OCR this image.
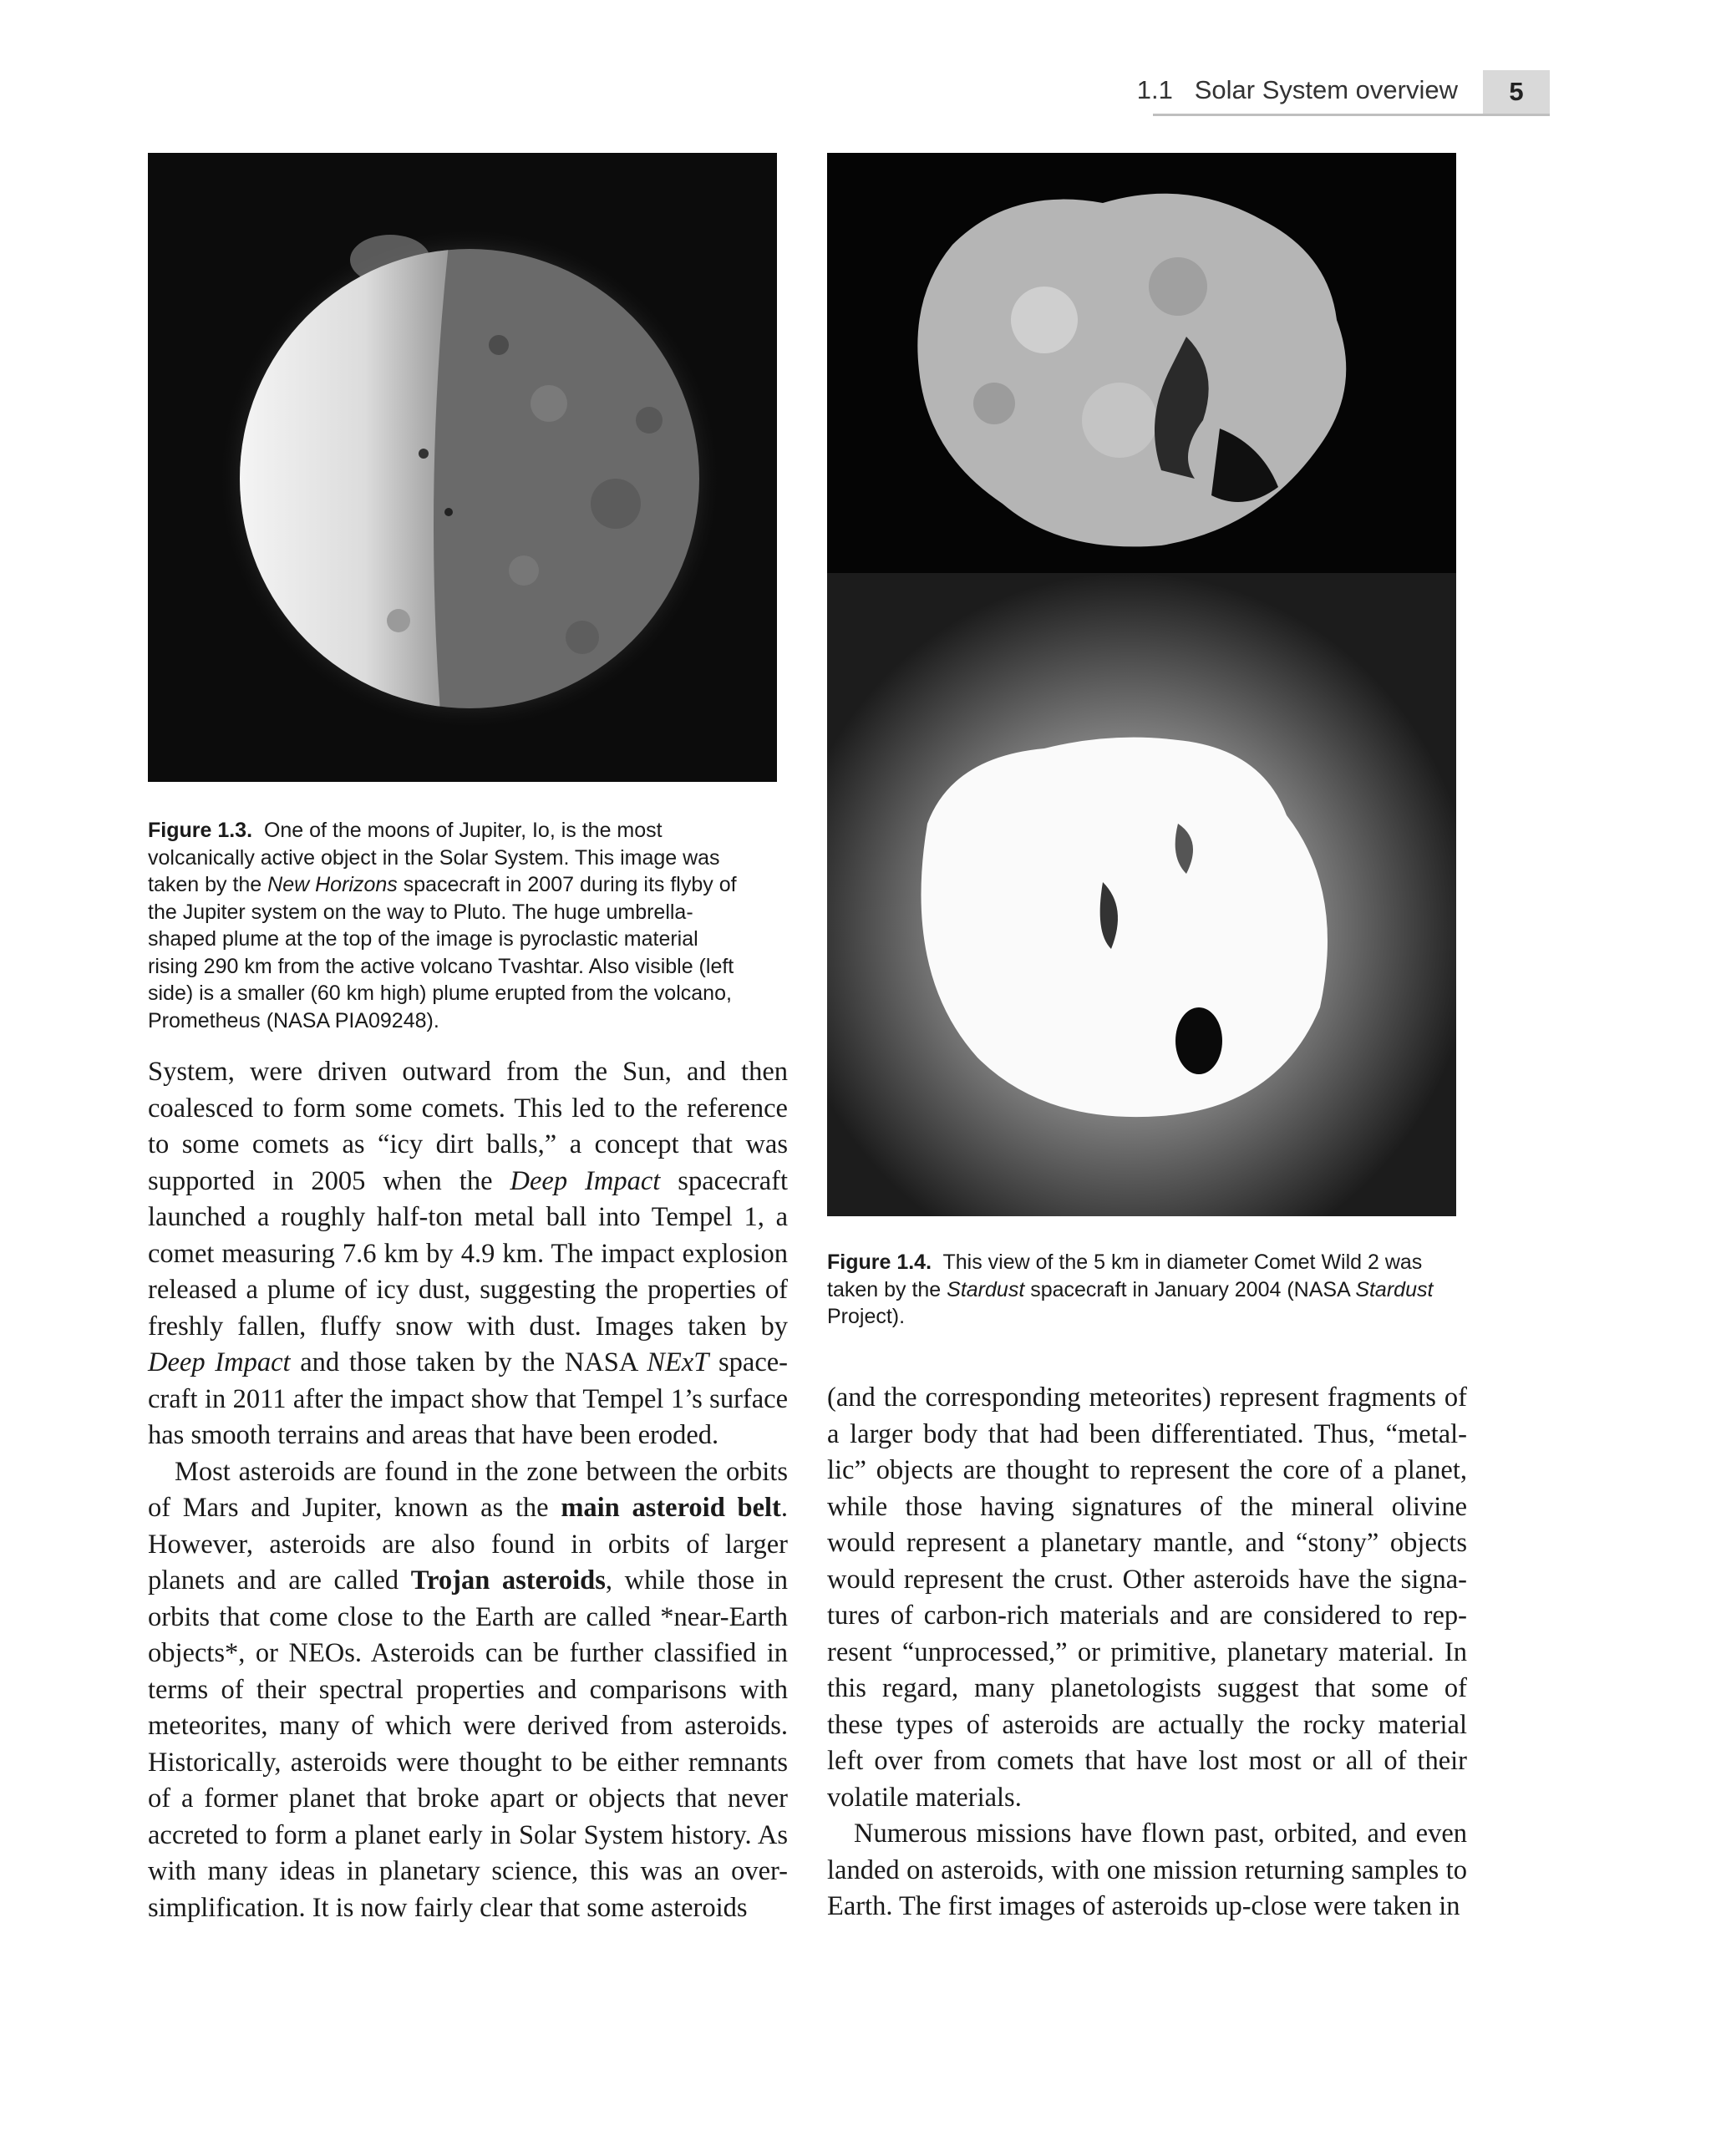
1.1   Solar System overview	5
Figure 1.3. One of the moons of Jupiter, Io, is the most
volcanically active object in the Solar System. This image was
taken by the New Horizons spacecraft in 2007 during its flyby of
the Jupiter system on the way to Pluto. The huge umbrella-
shaped plume at the top of the image is pyroclastic material
rising 290 km from the active volcano Tvashtar. Also visible (left
side) is a smaller (60 km high) plume erupted from the volcano,
Prometheus (NASA PIA09248).
Figure 1.4. This view of the 5 km in diameter Comet Wild 2 was
taken by the Stardust spacecraft in January 2004 (NASA Stardust
Project).
System, were driven outward from the Sun, and then
coalesced to form some comets. This led to the reference
to some comets as “icy dirt balls,” a concept that was
supported in 2005 when the Deep Impact spacecraft
launched a roughly half-ton metal ball into Tempel 1, a
comet measuring 7.6 km by 4.9 km. The impact explosion
released a plume of icy dust, suggesting the properties of
freshly fallen, fluffy snow with dust. Images taken by
Deep Impact and those taken by the NASA NExT space-
craft in 2011 after the impact show that Tempel 1’s surface
has smooth terrains and areas that have been eroded.
Most asteroids are found in the zone between the orbits
of Mars and Jupiter, known as the main asteroid belt.
However, asteroids are also found in orbits of larger
planets and are called Trojan asteroids, while those in
orbits that come close to the Earth are called *near-Earth
objects*, or NEOs. Asteroids can be further classified in
terms of their spectral properties and comparisons with
meteorites, many of which were derived from asteroids.
Historically, asteroids were thought to be either remnants
of a former planet that broke apart or objects that never
accreted to form a planet early in Solar System history. As
with many ideas in planetary science, this was an over-
simplification. It is now fairly clear that some asteroids
(and the corresponding meteorites) represent fragments of
a larger body that had been differentiated. Thus, “metal-
lic” objects are thought to represent the core of a planet,
while those having signatures of the mineral olivine
would represent a planetary mantle, and “stony” objects
would represent the crust. Other asteroids have the signa-
tures of carbon-rich materials and are considered to rep-
resent “unprocessed,” or primitive, planetary material. In
this regard, many planetologists suggest that some of
these types of asteroids are actually the rocky material
left over from comets that have lost most or all of their
volatile materials.
Numerous missions have flown past, orbited, and even
landed on asteroids, with one mission returning samples to
Earth. The first images of asteroids up-close were taken in
